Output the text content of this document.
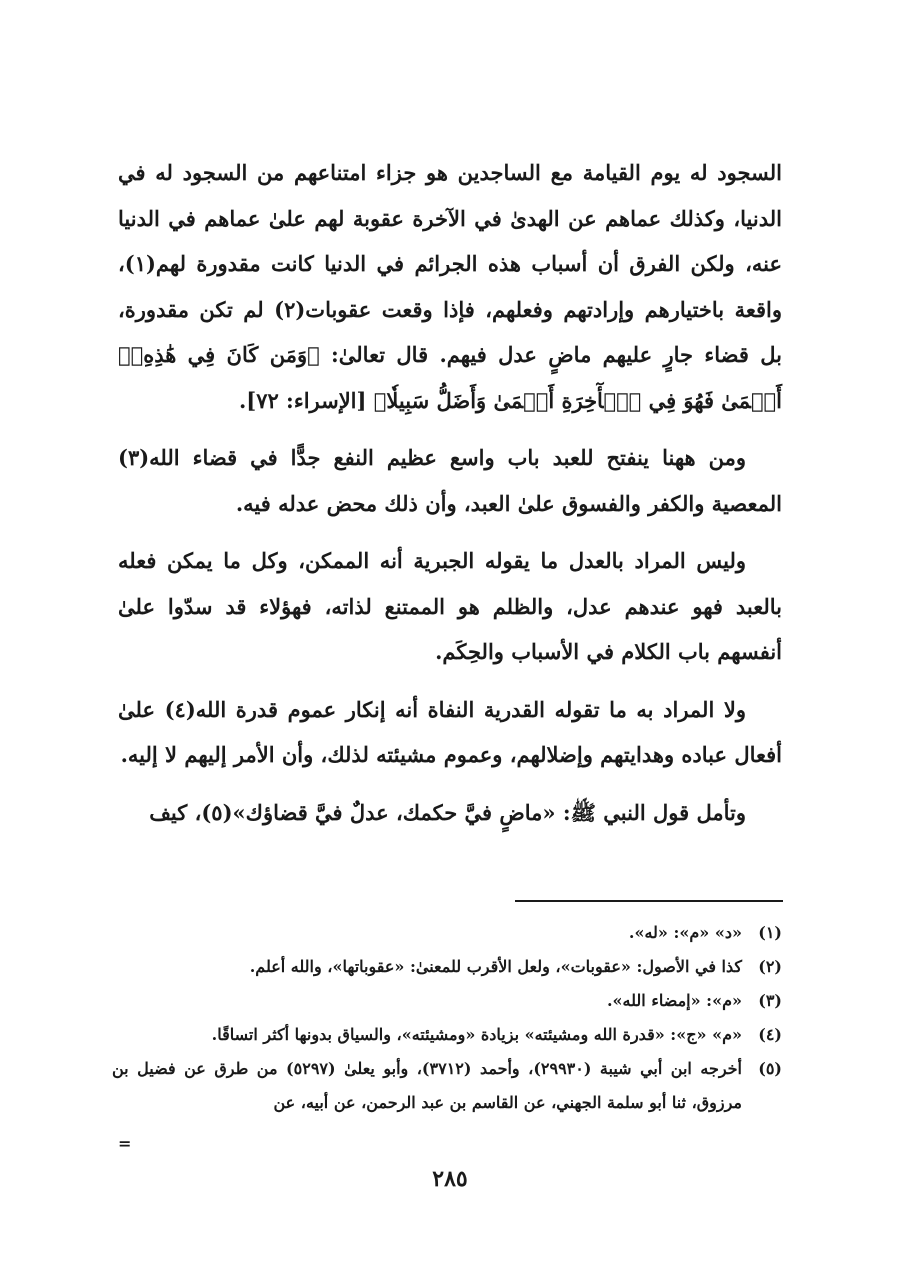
السجود له يوم القيامة مع الساجدين هو جزاء امتناعهم من السجود له في الدنيا، وكذلك عماهم عن الهدىٰ في الآخرة عقوبة لهم علىٰ عماهم في الدنيا عنه، ولكن الفرق أن أسباب هذه الجرائم في الدنيا كانت مقدورة لهم(١)، واقعة باختيارهم وإرادتهم وفعلهم، فإذا وقعت عقوبات(٢) لم تكن مقدورة، بل قضاء جارٍ عليهم ماضٍ عدل فيهم. قال تعالىٰ: ﴿وَمَن كَانَ فِي هَٰذِهِۦٓ أَعۡمَىٰ فَهُوَ فِي ٱلۡأٓخِرَةِ أَعۡمَىٰ وَأَضَلُّ سَبِيلٗا﴾ [الإسراء: ٧٢].

ومن ههنا ينفتح للعبد باب واسع عظيم النفع جدًّا في قضاء الله(٣) المعصية والكفر والفسوق علىٰ العبد، وأن ذلك محض عدله فيه.

وليس المراد بالعدل ما يقوله الجبرية أنه الممكن، وكل ما يمكن فعله بالعبد فهو عندهم عدل، والظلم هو الممتنع لذاته، فهؤلاء قد سدّوا علىٰ أنفسهم باب الكلام في الأسباب والحِكَم.

ولا المراد به ما تقوله القدرية النفاة أنه إنكار عموم قدرة الله(٤) علىٰ أفعال عباده وهدايتهم وإضلالهم، وعموم مشيئته لذلك، وأن الأمر إليهم لا إليه.

وتأمل قول النبي ﷺ: «ماضٍ فيَّ حكمك، عدلٌ فيَّ قضاؤك»(٥)، كيف

(١)
«د» «م»: «له».
(٢)
كذا في الأصول: «عقوبات»، ولعل الأقرب للمعنىٰ: «عقوباتها»، والله أعلم.
(٣)
«م»: «إمضاء الله».
(٤)
«م» «ج»: «قدرة الله ومشيئته» بزيادة «ومشيئته»، والسياق بدونها أكثر اتساقًا.
(٥)
أخرجه ابن أبي شيبة (٢٩٩٣٠)، وأحمد (٣٧١٢)، وأبو يعلىٰ (٥٢٩٧) من طرق عن فضيل بن مرزوق، ثنا أبو سلمة الجهني، عن القاسم بن عبد الرحمن، عن أبيه، عن
=
٢٨٥
